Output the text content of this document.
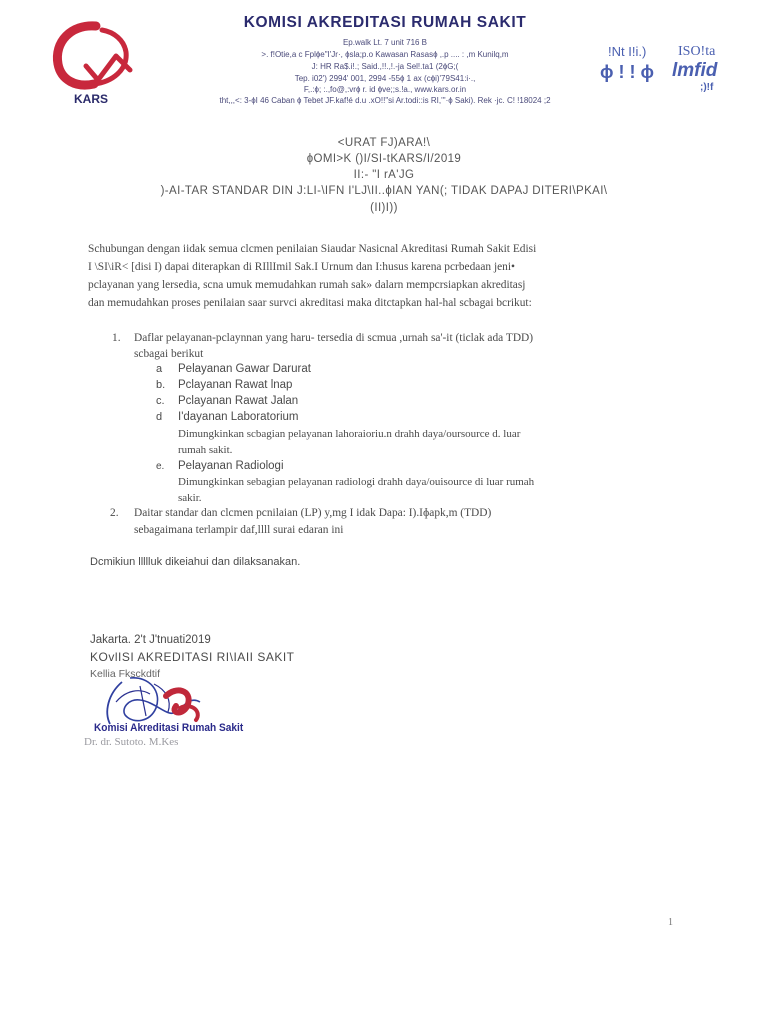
KARS
KOMISI AKREDITASI RUMAH SAKIT
Ep.walk Lt. 7 unit 716 B
>. f!Otie,a c Fplɸe"I'Jr·, ɸsla;p.o Kawasan Rasasɸ ,.p .... : ,m Kunilq,m
J: HR Ra$.i!.; Said.,!!.,!.-ja Sel!.ta1 (2ɸG;(
Tep. i02') 2994' 001, 2994 -55ɸ 1 ax (cɸi)'79S41:i·.,
F,.:ɸ; :.,fo@,:vrɸ r. id ɸve;;s.!a., www.kars.or.in
tht,,,<: 3-ɸI 46 Caban ɸ Tebet JF.kaf!é d.u .xO!!"si Ar.todi::is RI,'''·ɸ Saki). Rek ·jc. C! !18024 ;2
!Nt I!i.) ISO!ta
ɸ ! ! ɸ lmfid
;)!f
<URAT FJ)ARA!\
ɸOMI>K ()I/SI-tKARS/I/2019
II:- "I rA'JG
)-AI-TAR STANDAR DIN J:LI-\IFN I'LJ\II..ɸIAN YAN(; TIDAK DAPAJ DITERI\PKAI\
(II)I))
Schubungan dengan iidak semua clcmen penilaian Siaudar Nasicnal Akreditasi Rumah Sakit Edisi
I \SI\iR< [disi I) dapai diterapkan di RIllImil Sak.I Urnum dan I:husus karena pcrbedaan jeni•
pclayanan yang lersedia, scna umuk memudahkan rumah sak» dalarn mempcrsiapkan akreditasj
dan memudahkan proses penilaian saar survci akreditasi maka ditctapkan hal-hal scbagai bcrikut:
1. Daflar pelayanan-pclaynnan yang haru- tersedia di scmua ,urnah sa'-it (ticlak ada TDD)
scbagai berikut
a Pelayanan Gawar Darurat
b. Pclayanan Rawat lnap
c. Pclayanan Rawat Jalan
d I'dayanan Laboratorium
Dimungkinkan scbagian pelayanan lahoraioriu.n drahh daya/oursource d. luar
rumah sakit.
e. Pelayanan Radiologi
Dimungkinkan sebagian pelayanan radiologi drahh daya/ouisource di luar rumah
sakir.
2. Daitar standar dan clcmen pcnilaian (LP) y,mg I idak Dapa: I).Iɸapk,m (TDD)
sebagaimana terlampir daf,llll surai edaran ini
Dcmikiun llllluk dikeiahui dan dilaksanakan.
Jakarta. 2't J'tnuati2019
KOvlISI AKREDITASI RI\IAII SAKIT
Kellia Fksckdtif
Komisi Akreditasi Rumah Sakit
Dr. dr. Sutoto. M.Kes
1
